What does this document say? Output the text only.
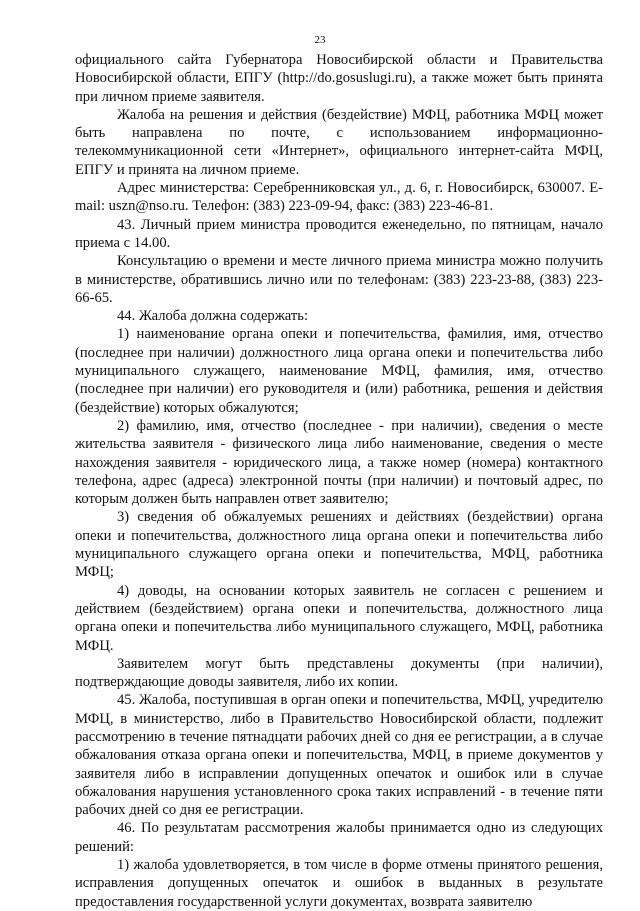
23

официального сайта Губернатора Новосибирской области и Правительства Новосибирской области, ЕПГУ (http://do.gosuslugi.ru), а также может быть принята при личном приеме заявителя.

Жалоба на решения и действия (бездействие) МФЦ, работника МФЦ может быть направлена по почте, с использованием информационно-телекоммуникационной сети «Интернет», официального интернет-сайта МФЦ, ЕПГУ и принята на личном приеме.

Адрес министерства: Серебренниковская ул., д. 6, г. Новосибирск, 630007. E-mail: uszn@nso.ru. Телефон: (383) 223-09-94, факс: (383) 223-46-81.

43. Личный прием министра проводится еженедельно, по пятницам, начало приема с 14.00.

Консультацию о времени и месте личного приема министра можно получить в министерстве, обратившись лично или по телефонам: (383) 223-23-88, (383) 223-66-65.

44. Жалоба должна содержать:

1) наименование органа опеки и попечительства, фамилия, имя, отчество (последнее при наличии) должностного лица органа опеки и попечительства либо муниципального служащего, наименование МФЦ, фамилия, имя, отчество (последнее при наличии) его руководителя и (или) работника, решения и действия (бездействие) которых обжалуются;

2) фамилию, имя, отчество (последнее - при наличии), сведения о месте жительства заявителя - физического лица либо наименование, сведения о месте нахождения заявителя - юридического лица, а также номер (номера) контактного телефона, адрес (адреса) электронной почты (при наличии) и почтовый адрес, по которым должен быть направлен ответ заявителю;

3) сведения об обжалуемых решениях и действиях (бездействии) органа опеки и попечительства, должностного лица органа опеки и попечительства либо муниципального служащего органа опеки и попечительства, МФЦ, работника МФЦ;

4) доводы, на основании которых заявитель не согласен с решением и действием (бездействием) органа опеки и попечительства, должностного лица органа опеки и попечительства либо муниципального служащего, МФЦ, работника МФЦ.

Заявителем могут быть представлены документы (при наличии), подтверждающие доводы заявителя, либо их копии.

45. Жалоба, поступившая в орган опеки и попечительства, МФЦ, учредителю МФЦ, в министерство, либо в Правительство Новосибирской области, подлежит рассмотрению в течение пятнадцати рабочих дней со дня ее регистрации, а в случае обжалования отказа органа опеки и попечительства, МФЦ, в приеме документов у заявителя либо в исправлении допущенных опечаток и ошибок или в случае обжалования нарушения установленного срока таких исправлений - в течение пяти рабочих дней со дня ее регистрации.

46. По результатам рассмотрения жалобы принимается одно из следующих решений:

1) жалоба удовлетворяется, в том числе в форме отмены принятого решения, исправления допущенных опечаток и ошибок в выданных в результате предоставления государственной услуги документах, возврата заявителю
